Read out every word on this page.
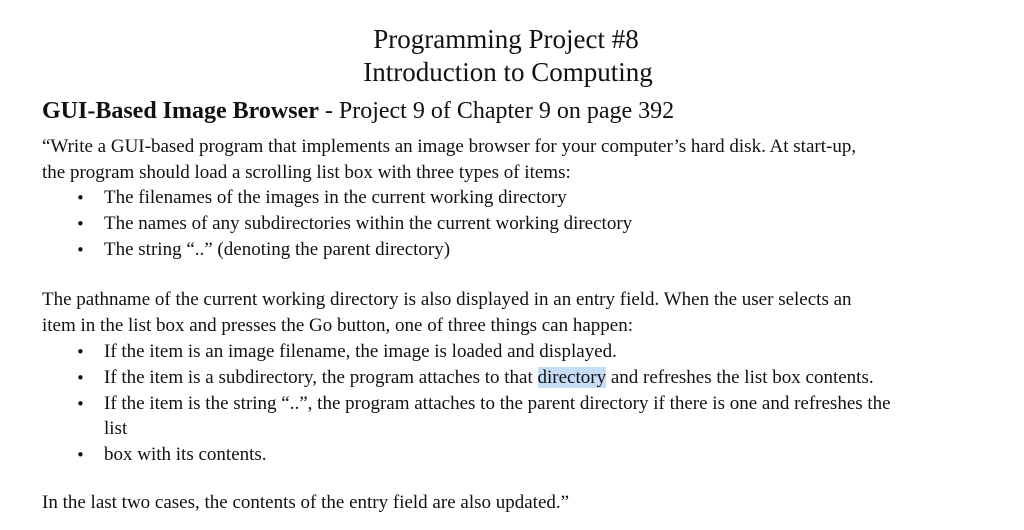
Programming Project #8
Introduction to Computing
GUI-Based Image Browser - Project 9 of Chapter 9 on page 392
“Write a GUI-based program that implements an image browser for your computer’s hard disk. At start-up,
the program should load a scrolling list box with three types of items:
• The filenames of the images in the current working directory
• The names of any subdirectories within the current working directory
• The string “..” (denoting the parent directory)
The pathname of the current working directory is also displayed in an entry field. When the user selects an
item in the list box and presses the Go button, one of three things can happen:
• If the item is an image filename, the image is loaded and displayed.
• If the item is a subdirectory, the program attaches to that directory and refreshes the list box contents.
• If the item is the string “..”, the program attaches to the parent directory if there is one and refreshes the
list
• box with its contents.
In the last two cases, the contents of the entry field are also updated.”
